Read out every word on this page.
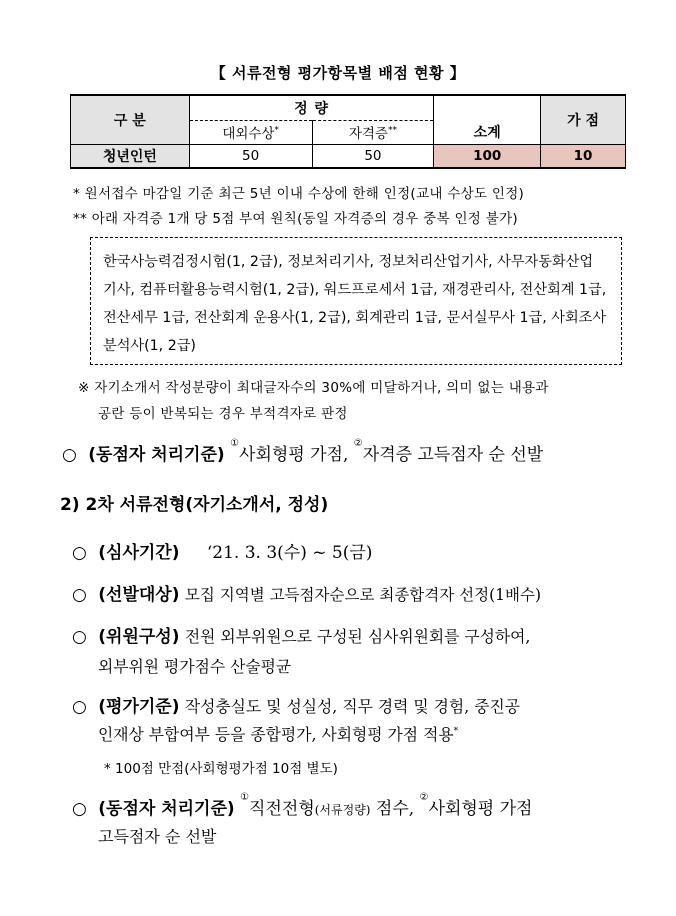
【 서류전형 평가항목별 배점 현황 】
구 분	정 량		소계	가 점
	대외수상*	자격증**
청년인턴	50	50	100	10
* 원서접수 마감일 기준 최근 5년 이내 수상에 한해 인정(교내 수상도 인정)
** 아래 자격증 1개 당 5점 부여 원칙(동일 자격증의 경우 중복 인정 불가)
한국사능력검정시험(1, 2급), 정보처리기사, 정보처리산업기사, 사무자동화산업
기사, 컴퓨터활용능력시험(1, 2급), 워드프로세서 1급, 재경관리사, 전산회계 1급,
전산세무 1급, 전산회계 운용사(1, 2급), 회계관리 1급, 문서실무사 1급, 사회조사
분석사(1, 2급)
※ 자기소개서 작성분량이 최대글자수의 30%에 미달하거나, 의미 없는 내용과
공란 등이 반복되는 경우 부적격자로 판정
○ (동점자 처리기준) ①사회형평 가점, ②자격증 고득점자 순 선발
2) 2차 서류전형(자기소개서, 정성)
○ (심사기간) ‘21. 3. 3(수) ~ 5(금)
○ (선발대상) 모집 지역별 고득점자순으로 최종합격자 선정(1배수)
○ (위원구성) 전원 외부위원으로 구성된 심사위원회를 구성하여,
외부위원 평가점수 산술평균
○ (평가기준) 작성충실도 및 성실성, 직무 경력 및 경험, 중진공
인재상 부합여부 등을 종합평가, 사회형평 가점 적용*
* 100점 만점(사회형평가점 10점 별도)
○ (동점자 처리기준) ①직전전형(서류정량) 점수, ②사회형평 가점
고득점자 순 선발
